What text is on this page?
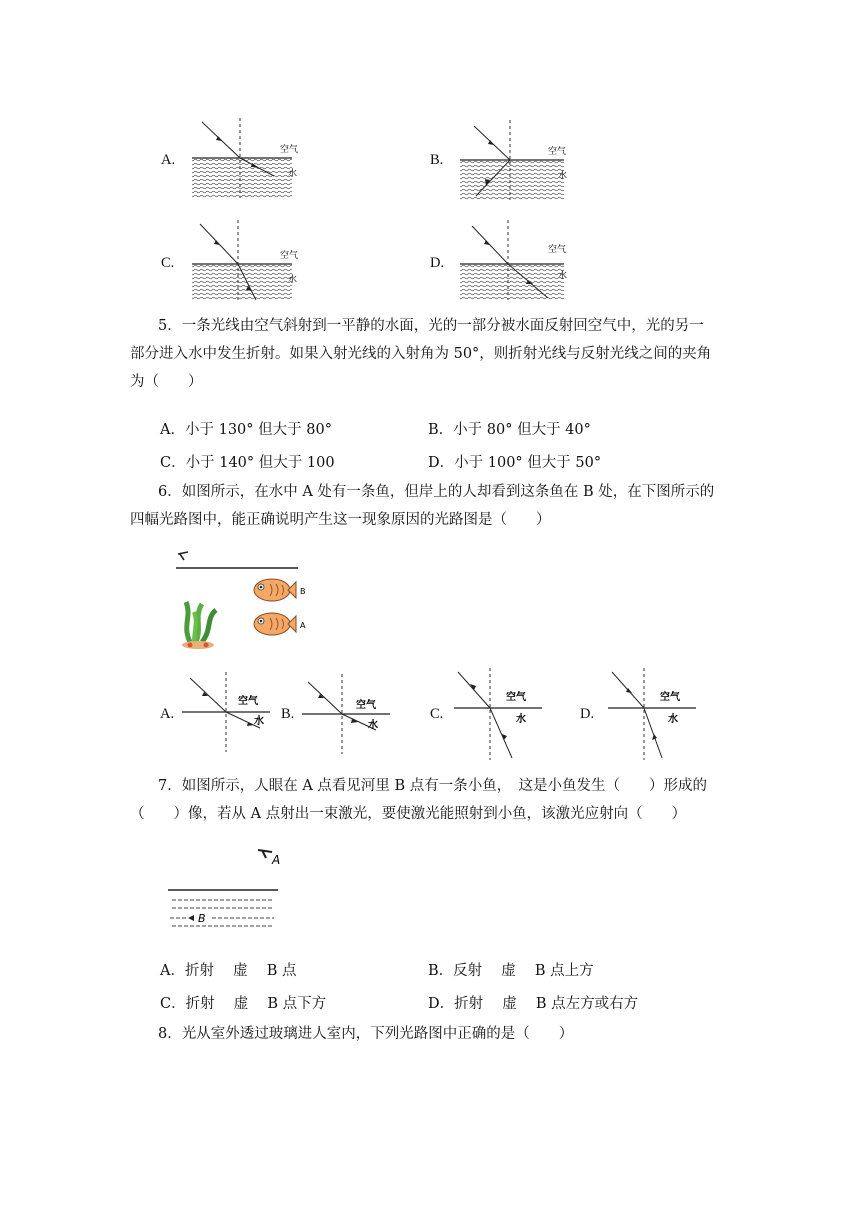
A.
空气
水
B.	空气
水
C.	空气
水
D.
空气
水
5．一条光线由空气斜射到一平静的水面，光的一部分被水面反射回空气中，光的另一
部分进入水中发生折射。如果入射光线的入射角为 50°，则折射光线与反射光线之间的夹角
为（　　）
A．小于 130° 但大于 80°	B．小于 80° 但大于 40°
C．小于 140° 但大于 100	D．小于 100° 但大于 50°
6．如图所示，在水中 A 处有一条鱼，但岸上的人却看到这条鱼在 B 处，在下图所示的
四幅光路图中，能正确说明产生这一现象原因的光路图是（　　）
B
A
A.
空气
水 B.
空气
水
C.
空气
水	D.
空气
水
7．如图所示，人眼在 A 点看见河里 B 点有一条小鱼，　这是小鱼发生（　　）形成的
（　　）像，若从 A 点射出一束激光，要使激光能照射到小鱼，该激光应射向（　　）
A
B
A．折射　 虚　 B 点	B．反射　 虚　 B 点上方
C．折射　 虚　 B 点下方	D．折射　 虚　 B 点左方或右方
8．光从室外透过玻璃进人室内，下列光路图中正确的是（　　）
